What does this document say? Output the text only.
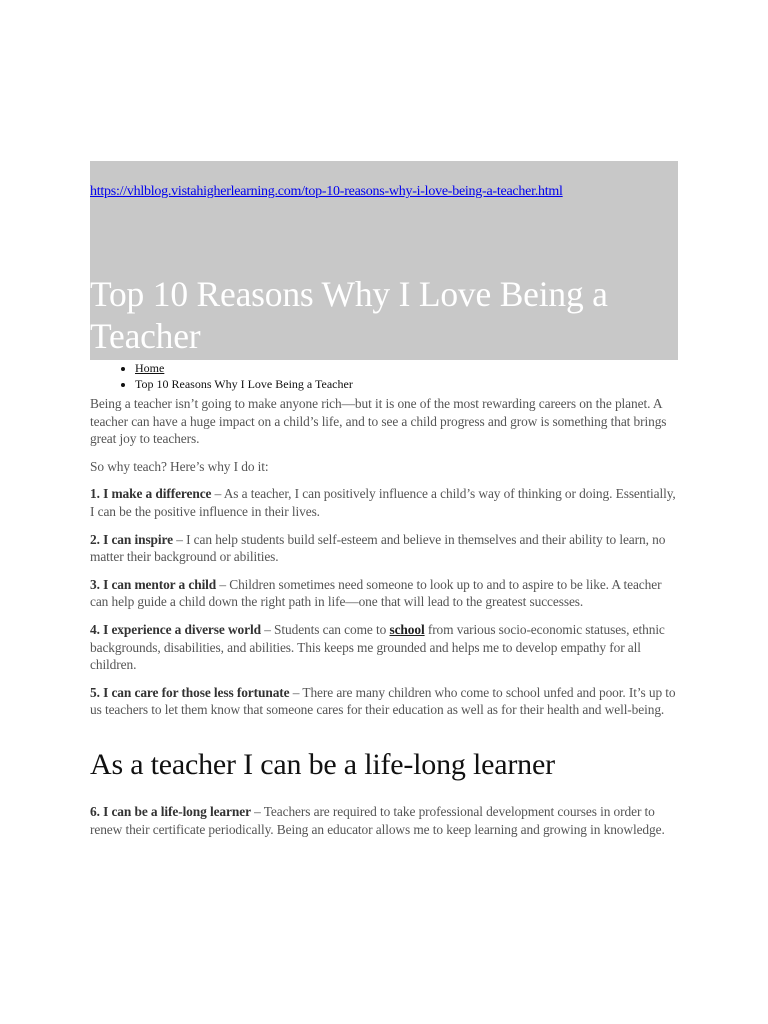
https://vhlblog.vistahigherlearning.com/top-10-reasons-why-i-love-being-a-teacher.html
Top 10 Reasons Why I Love Being a Teacher
• Home
• Top 10 Reasons Why I Love Being a Teacher

Being a teacher isn’t going to make anyone rich—but it is one of the most rewarding careers on the planet. A teacher can have a huge impact on a child’s life, and to see a child progress and grow is something that brings great joy to teachers.

So why teach? Here’s why I do it:

1. I make a difference – As a teacher, I can positively influence a child’s way of thinking or doing. Essentially, I can be the positive influence in their lives.

2. I can inspire – I can help students build self-esteem and believe in themselves and their ability to learn, no matter their background or abilities.

3. I can mentor a child – Children sometimes need someone to look up to and to aspire to be like. A teacher can help guide a child down the right path in life—one that will lead to the greatest successes.

4. I experience a diverse world – Students can come to school from various socio-economic statuses, ethnic backgrounds, disabilities, and abilities. This keeps me grounded and helps me to develop empathy for all children.

5. I can care for those less fortunate – There are many children who come to school unfed and poor. It’s up to us teachers to let them know that someone cares for their education as well as for their health and well-being.

As a teacher I can be a life-long learner

6. I can be a life-long learner – Teachers are required to take professional development courses in order to renew their certificate periodically. Being an educator allows me to keep learning and growing in knowledge.
